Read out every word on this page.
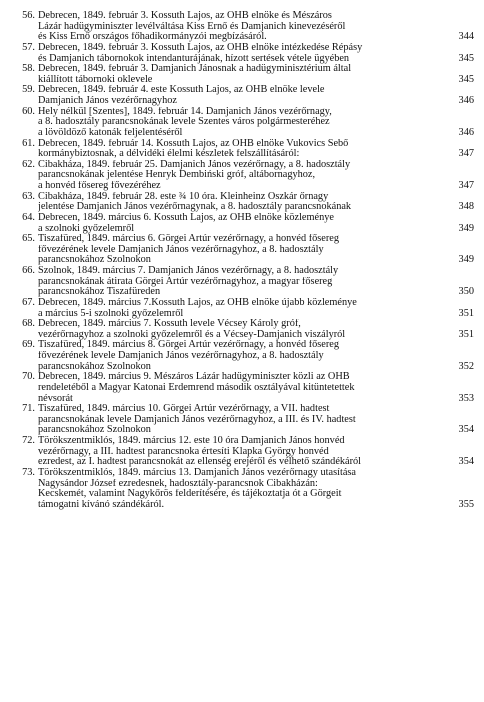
56. Debrecen, 1849. február 3. Kossuth Lajos, az OHB elnöke és Mészáros
Lázár hadügyminiszter levélváltása Kiss Ernő és Damjanich kinevezéséről
és Kiss Ernő országos főhadikormányzói megbízásáról.	344
57. Debrecen, 1849. február 3. Kossuth Lajos, az OHB elnöke intézkedése Répásy
és Damjanich tábornokok intendanturájának, hízott sertések vétele ügyében	345
58. Debrecen, 1849. február 3. Damjanich Jánosnak a hadügyminisztérium által
kiállított tábornoki oklevele	345
59. Debrecen, 1849. február 4. este Kossuth Lajos, az OHB elnöke levele
Damjanich János vezérőrnagyhoz	346
60. Hely nélkül [Szentes], 1849. február 14. Damjanich János vezérőrnagy,
a 8. hadosztály parancsnokának levele Szentes város polgármesteréhez
a lövöldöző katonák feljelentéséről	346
61. Debrecen, 1849. február 14. Kossuth Lajos, az OHB elnöke Vukovics Sebő
kormánybiztosnak, a délvidéki élelmi készletek felszállításáról:	347
62. Cibakháza, 1849. február 25. Damjanich János vezérőrnagy, a 8. hadosztály
parancsnokának jelentése Henryk Dembiński gróf, altábornagyhoz,
a honvéd fősereg fővezéréhez	347
63. Cibakháza, 1849. február 28. este ¾ 10 óra. Kleinheinz Oszkár őrnagy
jelentése Damjanich János vezérőrnagynak, a 8. hadosztály parancsnokának	348
64. Debrecen, 1849. március 6. Kossuth Lajos, az OHB elnöke közleménye
a szolnoki győzelemről	349
65. Tiszafüred, 1849. március 6. Görgei Artúr vezérőrnagy, a honvéd fősereg
fővezérének levele Damjanich János vezérőrnagyhoz, a 8. hadosztály
parancsnokához Szolnokon	349
66. Szolnok, 1849. március 7. Damjanich János vezérőrnagy, a 8. hadosztály
parancsnokának átirata Görgei Artúr vezérőrnagyhoz, a magyar fősereg
parancsnokához Tiszafüreden	350
67. Debrecen, 1849. március 7.Kossuth Lajos, az OHB elnöke újabb közleménye
a március 5-i szolnoki győzelemről	351
68. Debrecen, 1849. március 7. Kossuth levele Vécsey Károly gróf,
vezérőrnagyhoz a szolnoki győzelemről és a Vécsey-Damjanich viszályról	351
69. Tiszafüred, 1849. március 8. Görgei Artúr vezérőrnagy, a honvéd fősereg
fővezérének levele Damjanich János vezérőrnagyhoz, a 8. hadosztály
parancsnokához Szolnokon	352
70. Debrecen, 1849. március 9. Mészáros Lázár hadügyminiszter közli az OHB
rendeletéből a Magyar Katonai Érdemrend második osztályával kitüntetettek
névsorát	353
71. Tiszafüred, 1849. március 10. Görgei Artúr vezérőrnagy, a VII. hadtest
parancsnokának levele Damjanich János vezérőrnagyhoz, a III. és IV. hadtest
parancsnokához Szolnokon	354
72. Törökszentmiklós, 1849. március 12. este 10 óra Damjanich János honvéd
vezérőrnagy, a III. hadtest parancsnoka értesíti Klapka György honvéd
ezredest, az I. hadtest parancsnokát az ellenség erejéről és vélhető szándékáról	354
73. Törökszentmiklós, 1849. március 13. Damjanich János vezérőrnagy utasítása
Nagysándor József ezredesnek, hadosztály-parancsnok Cibakházán:
Kecskemét, valamint Nagykőrös felderítésére, és tájékoztatja ót a Görgeit
támogatni kívánó szándékáról.	355
